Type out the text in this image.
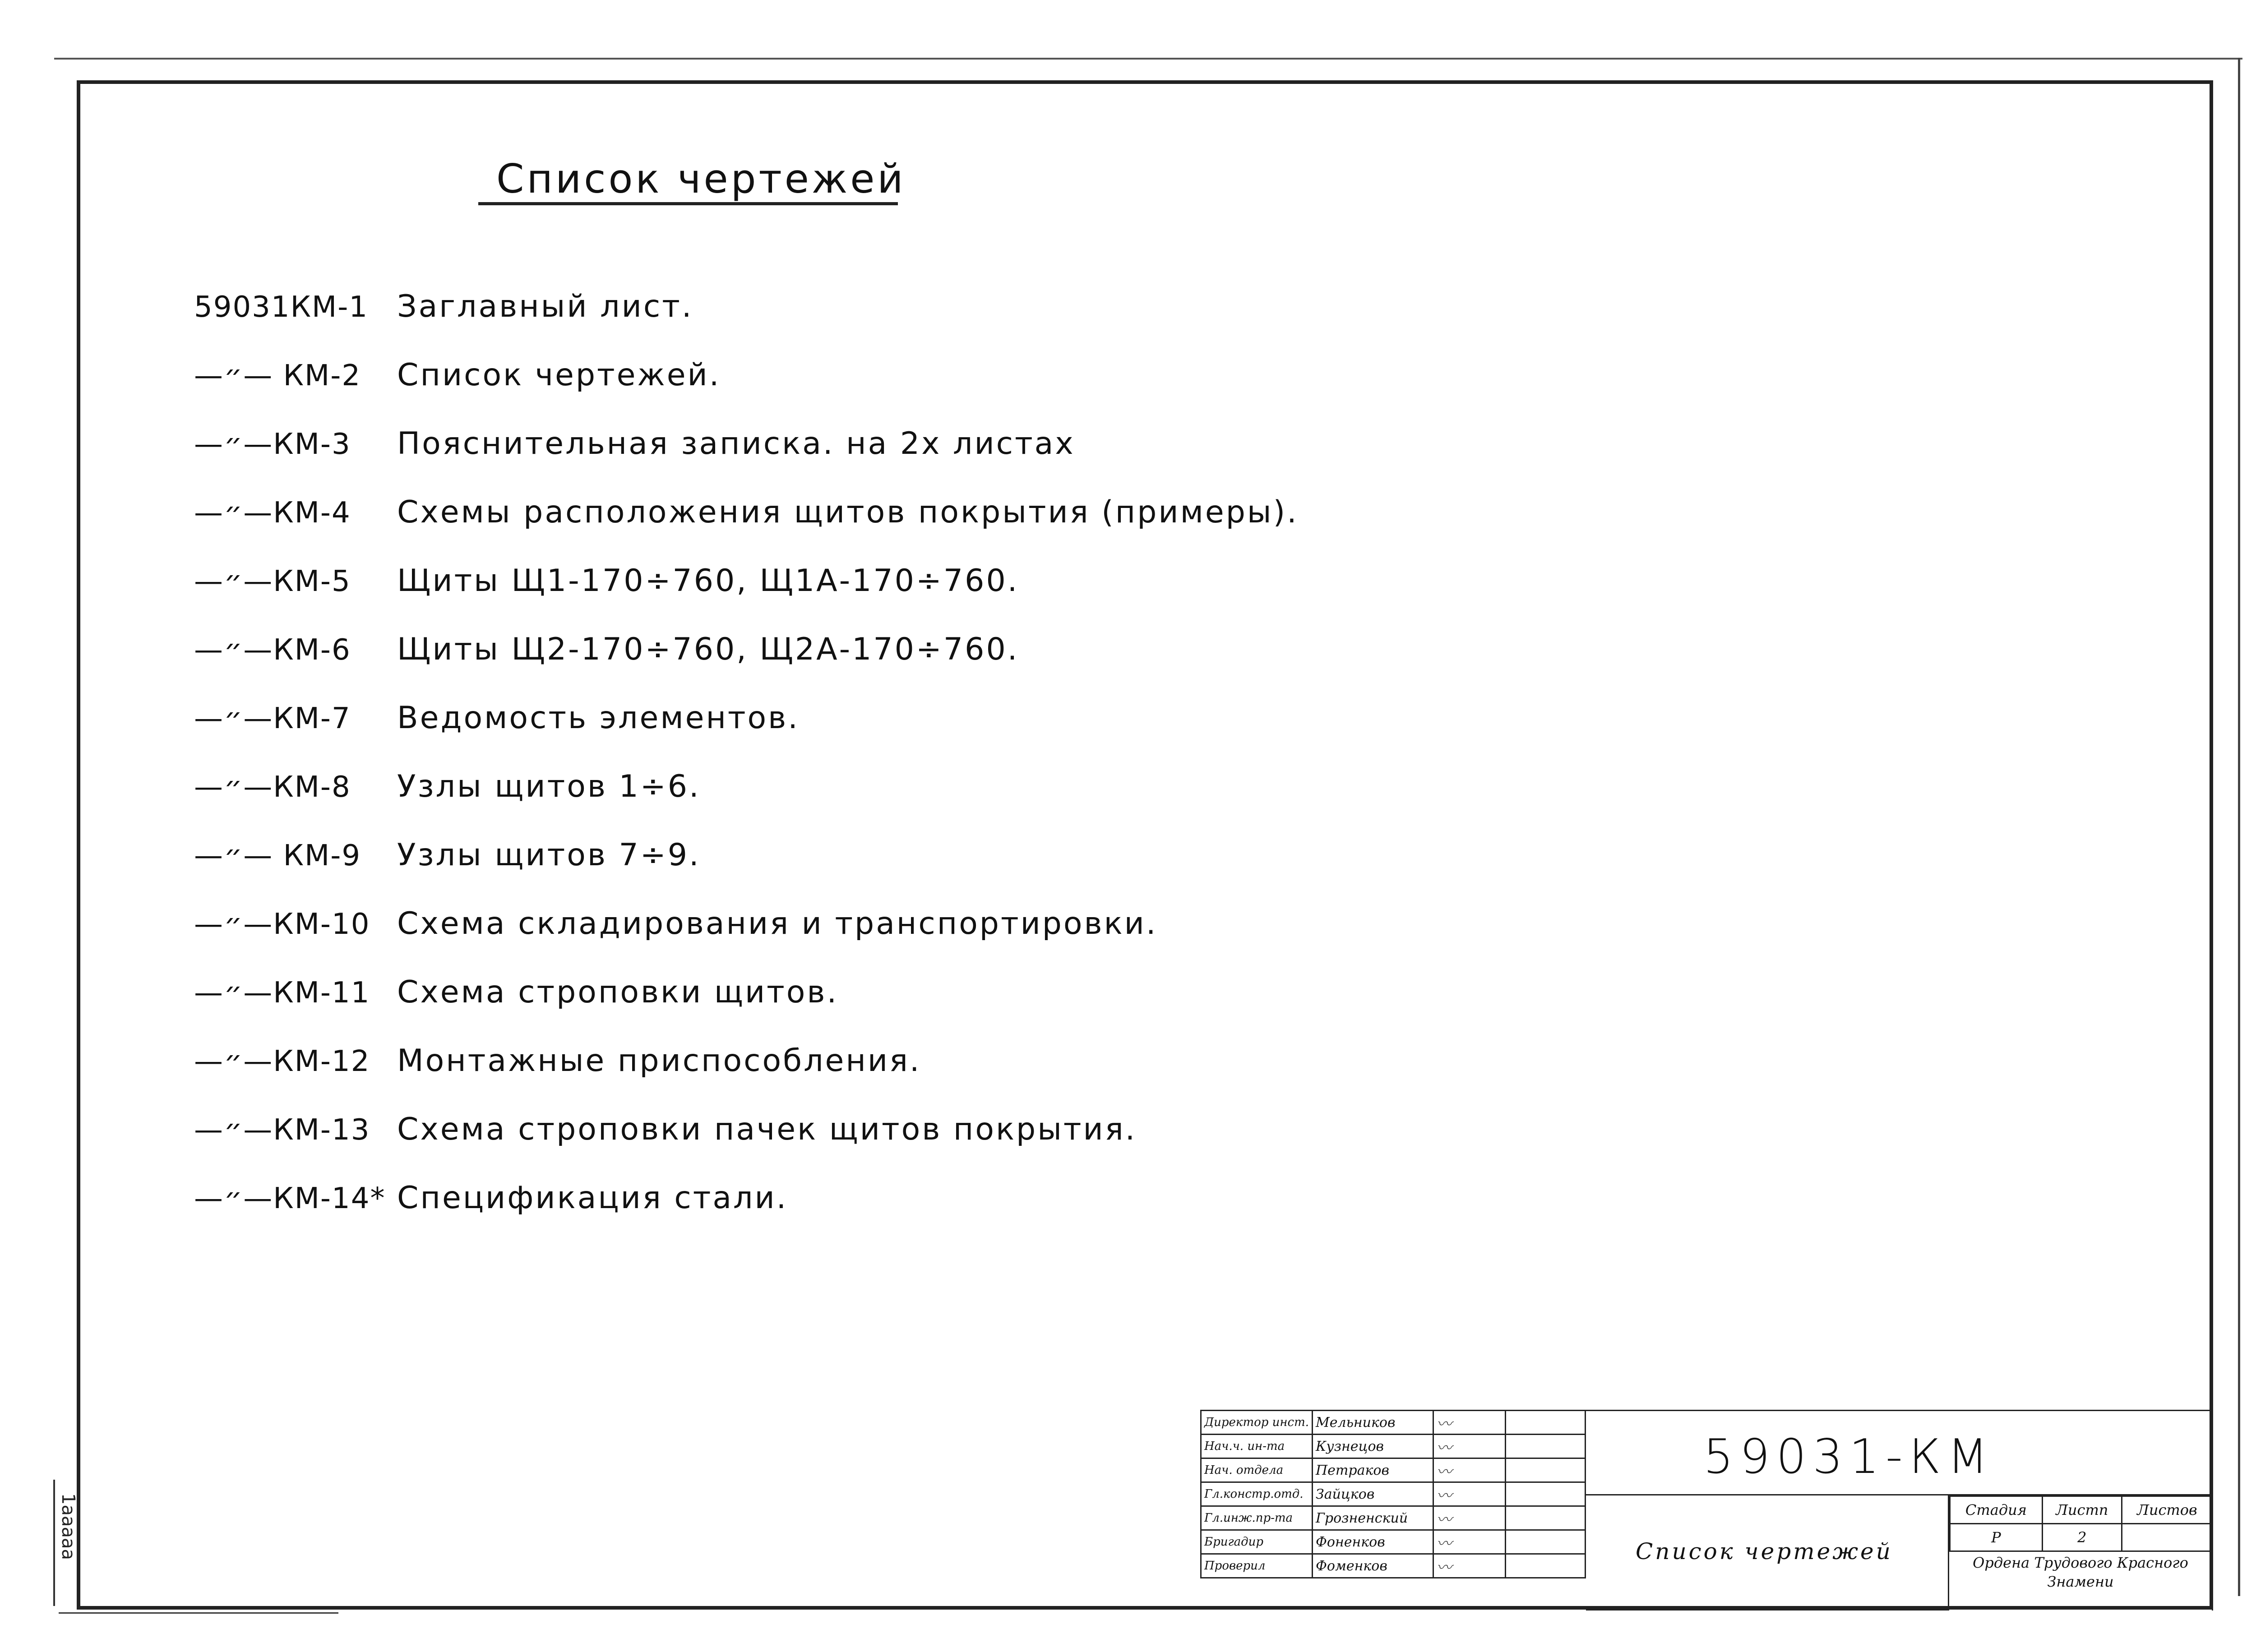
Список чертежей
59031КМ-1 Заглавный лист.
—״— КМ-2	Список чертежей.
—״—КМ-3	Пояснительная записка. на 2х листах
—״—КМ-4	Схемы расположения щитов покрытия (примеры).
—״—КМ-5	Щиты Щ1-170÷760, Щ1А-170÷760.
—״—КМ-6	Щиты Щ2-170÷760, Щ2А-170÷760.
—״—КМ-7	Ведомость элементов.
—״—КМ-8	Узлы щитов 1÷6.
—״— КМ-9	Узлы щитов 7÷9.
—״—КМ-10 Схема складирования и транспортировки.
—״—КМ-11 Схема строповки щитов.
—״—КМ-12 Монтажные приспособления.
—״—КМ-13 Схема строповки пачек щитов покрытия.
—״—КМ-14* Спецификация стали.
1ааааа
Директор инст.	Мельников	〰	
Нач.ч. ин-та	Кузнецов	〰	
Нач. отдела	Петраков	〰	
Гл.констр.отд.	Зайцков	〰	
Гл.инж.пр-та	Грозненский	〰	
Бригадир	Фоненков	〰	
Проверил	Фоменков	〰	
59031-КМ
Список чертежей
Стадия	Листп	Листов
Р	2	
Ордена Трудового Красного Знамени
